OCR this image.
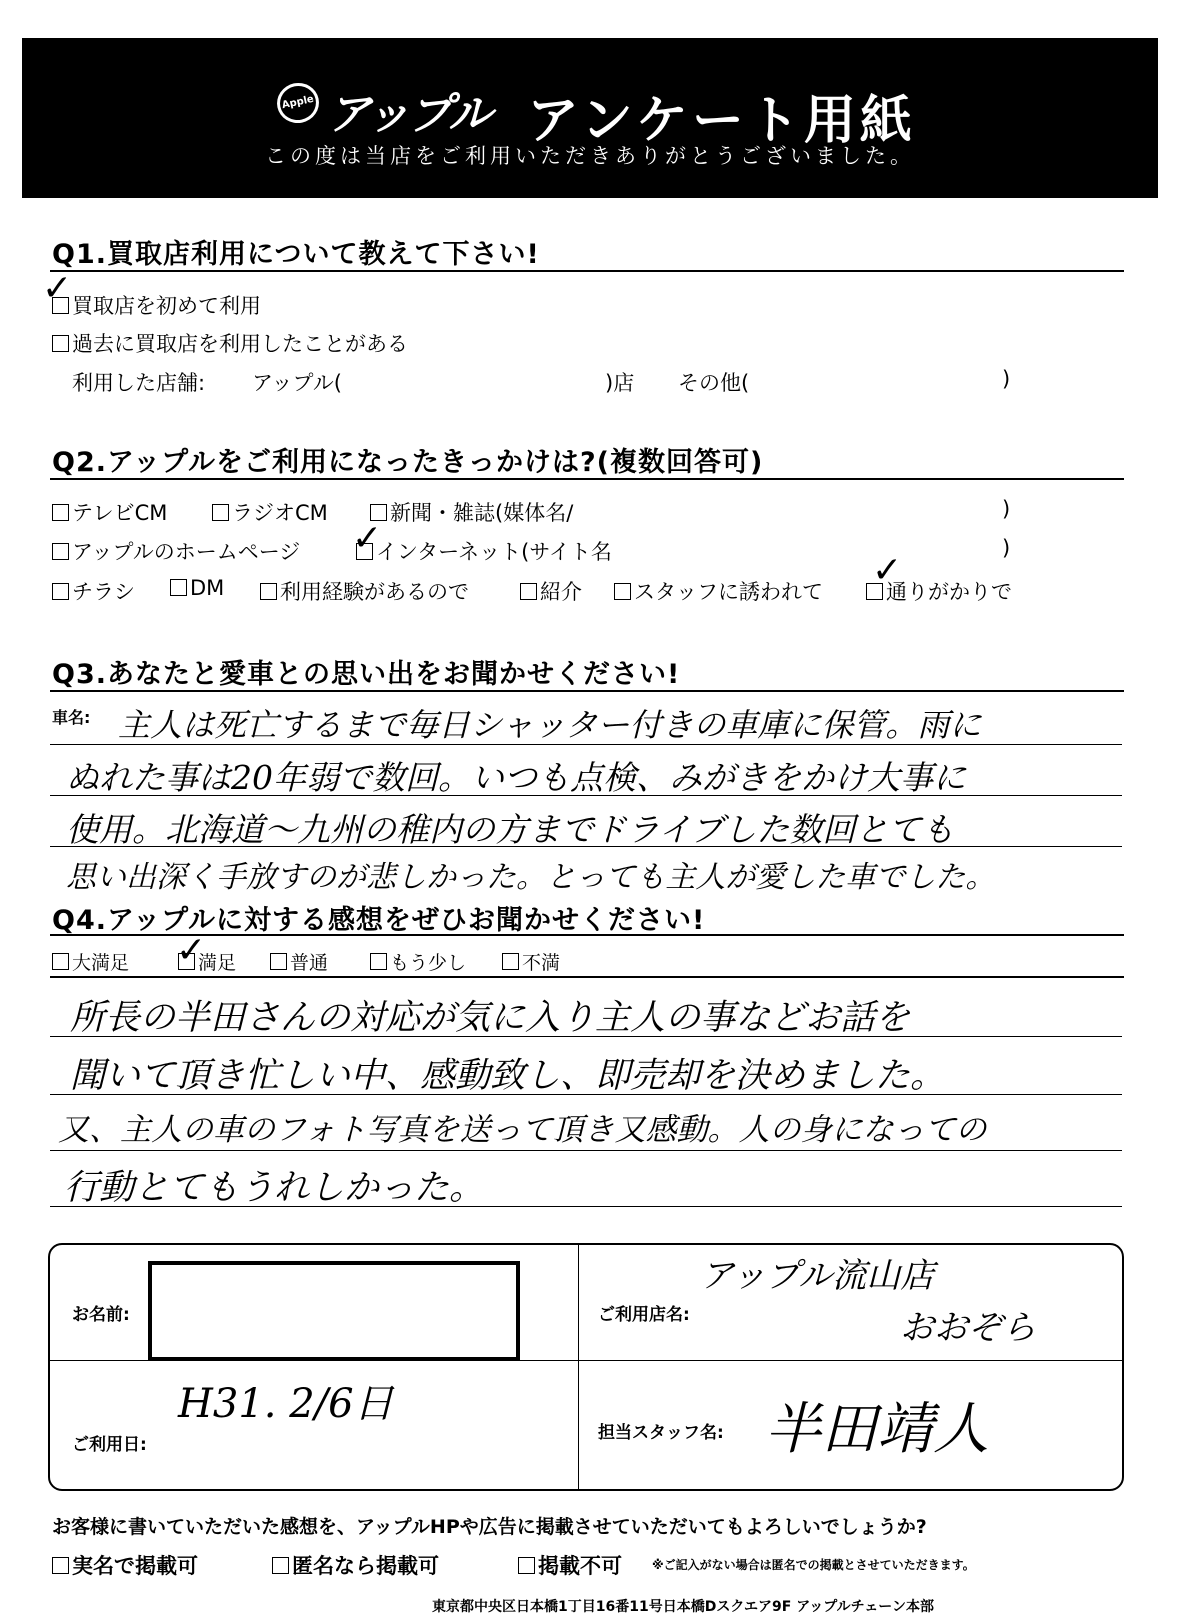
Apple アップル アンケート用紙
この度は当店をご利用いただきありがとうございました。
Q1.買取店利用について教えて下さい!
買取店を初めて利用
✓
過去に買取店を利用したことがある
利用した店舗: アップル(	)店 その他(	)
Q2.アップルをご利用になったきっかけは?(複数回答可)
テレビCM	ラジオCM	新聞・雑誌(媒体名/	)
アップルのホームページ	インターネット(サイト名
✓	)
チラシ	DM	利用経験があるので	紹介	スタッフに誘われて	通りがかりで
✓
Q3.あなたと愛車との思い出をお聞かせください!
車名: 主人は死亡するまで毎日シャッター付きの車庫に保管。雨に
ぬれた事は20年弱で数回。いつも点検、みがきをかけ大事に
使用。北海道～九州の稚内の方までドライブした数回とても
思い出深く手放すのが悲しかった。とっても主人が愛した車でした。
Q4.アップルに対する感想をぜひお聞かせください!
大満足	満足
✓	普通	もう少し	不満
所長の半田さんの対応が気に入り主人の事などお話を
聞いて頂き忙しい中、感動致し、即売却を決めました。
又、主人の車のフォト写真を送って頂き又感動。人の身になっての
行動とてもうれしかった。
お名前:	ご利用店名:
アップル流山店
おおぞら
ご利用日:
H31. 2/6日
担当スタッフ名: 半田靖人
お客様に書いていただいた感想を、アップルHPや広告に掲載させていただいてもよろしいでしょうか?
実名で掲載可	匿名なら掲載可	掲載不可	※ご記入がない場合は匿名での掲載とさせていただきます。
東京都中央区日本橋1丁目16番11号日本橋Dスクエア9F アップルチェーン本部
